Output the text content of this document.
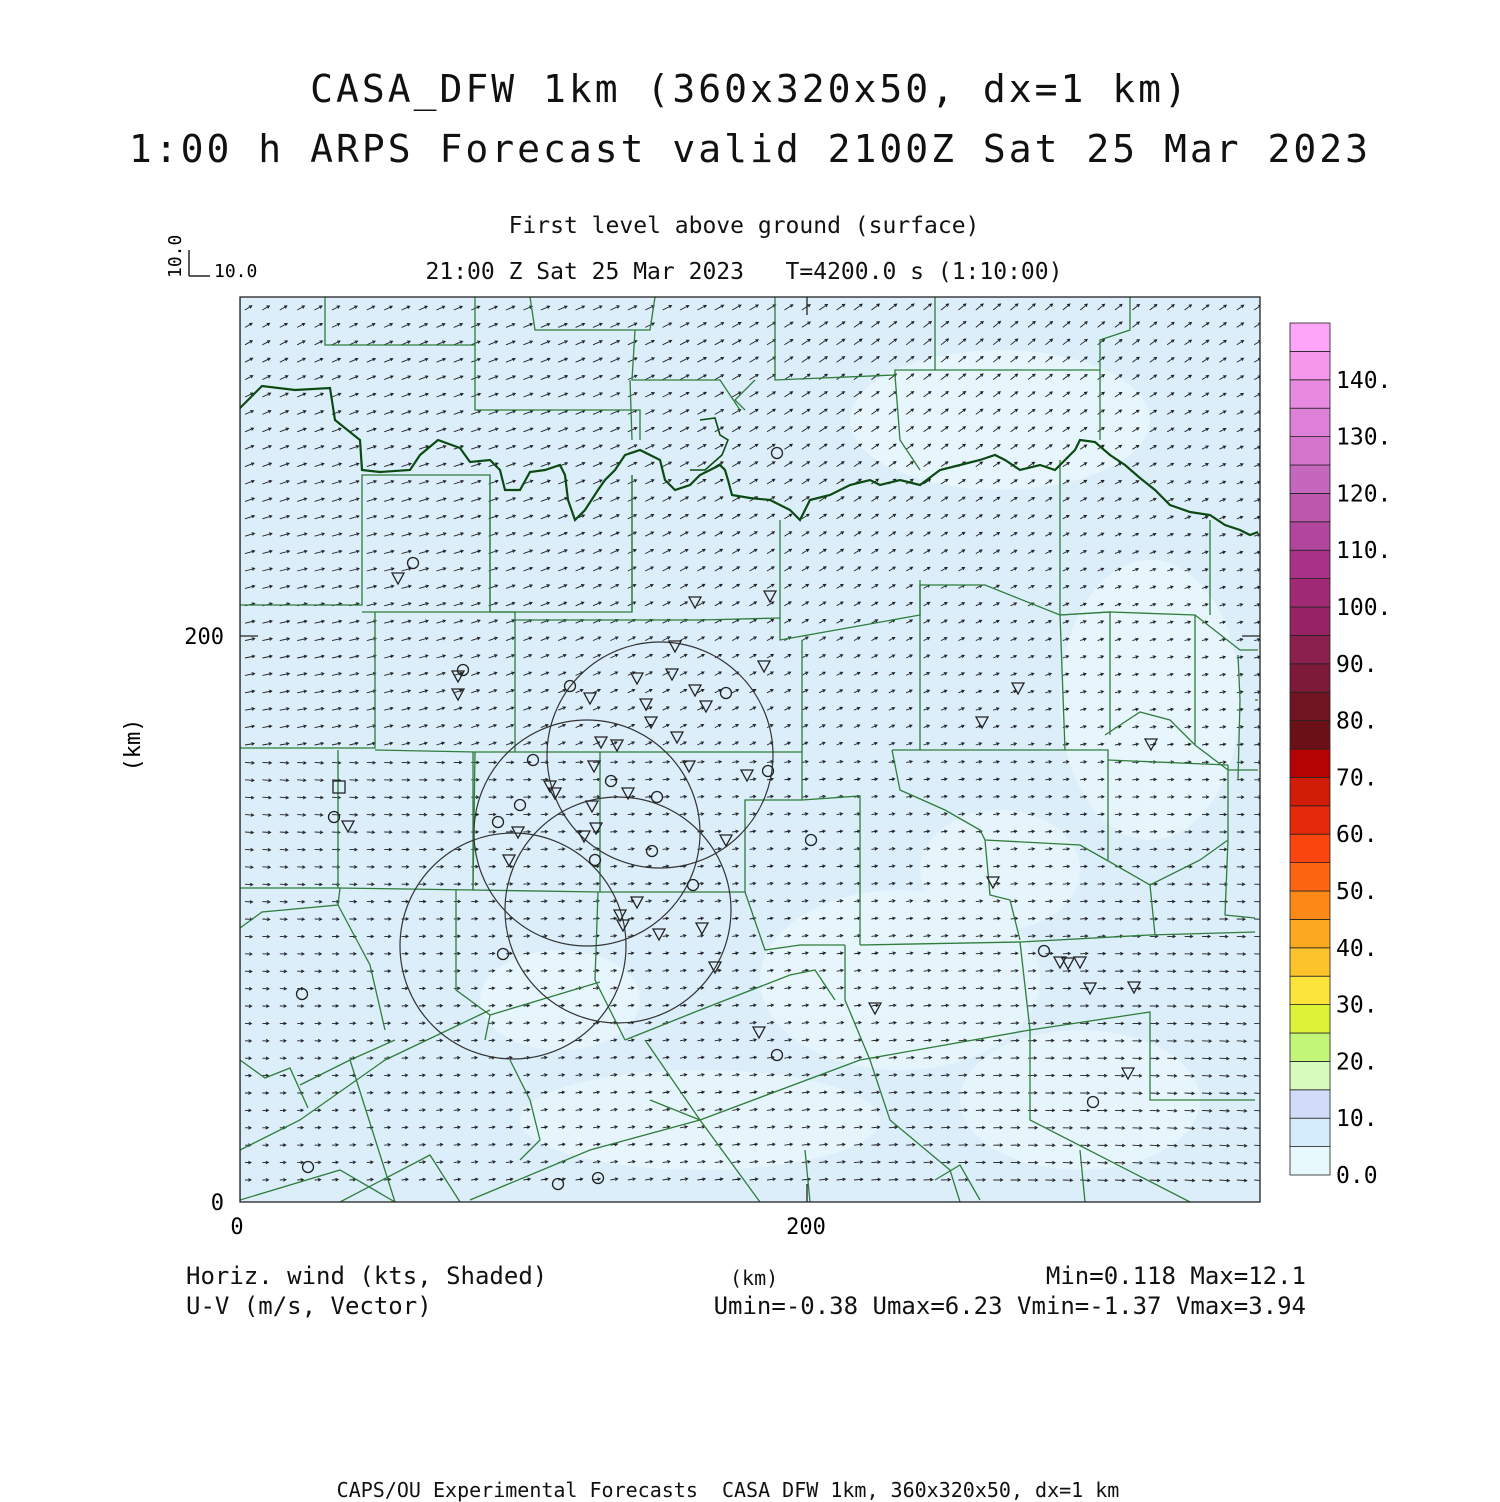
CASA_DFW 1km (360x320x50, dx=1 km)
1:00 h ARPS Forecast valid 2100Z Sat 25 Mar 2023
First level above ground (surface)
21:00 Z Sat 25 Mar 2023   T=4200.0 s (1:10:00)
0	200
0
200
(km)
10.0
10.0
0.0
10.
20.
30.
40.
50.
60.
70.
80.
90.
100.
110.
120.
130.
140.
Horiz. wind (kts, Shaded)
U-V (m/s, Vector)
(km)	Min=0.118 Max=12.1
Umin=-0.38 Umax=6.23 Vmin=-1.37 Vmax=3.94
CAPS/OU Experimental Forecasts  CASA DFW 1km, 360x320x50, dx=1 km
